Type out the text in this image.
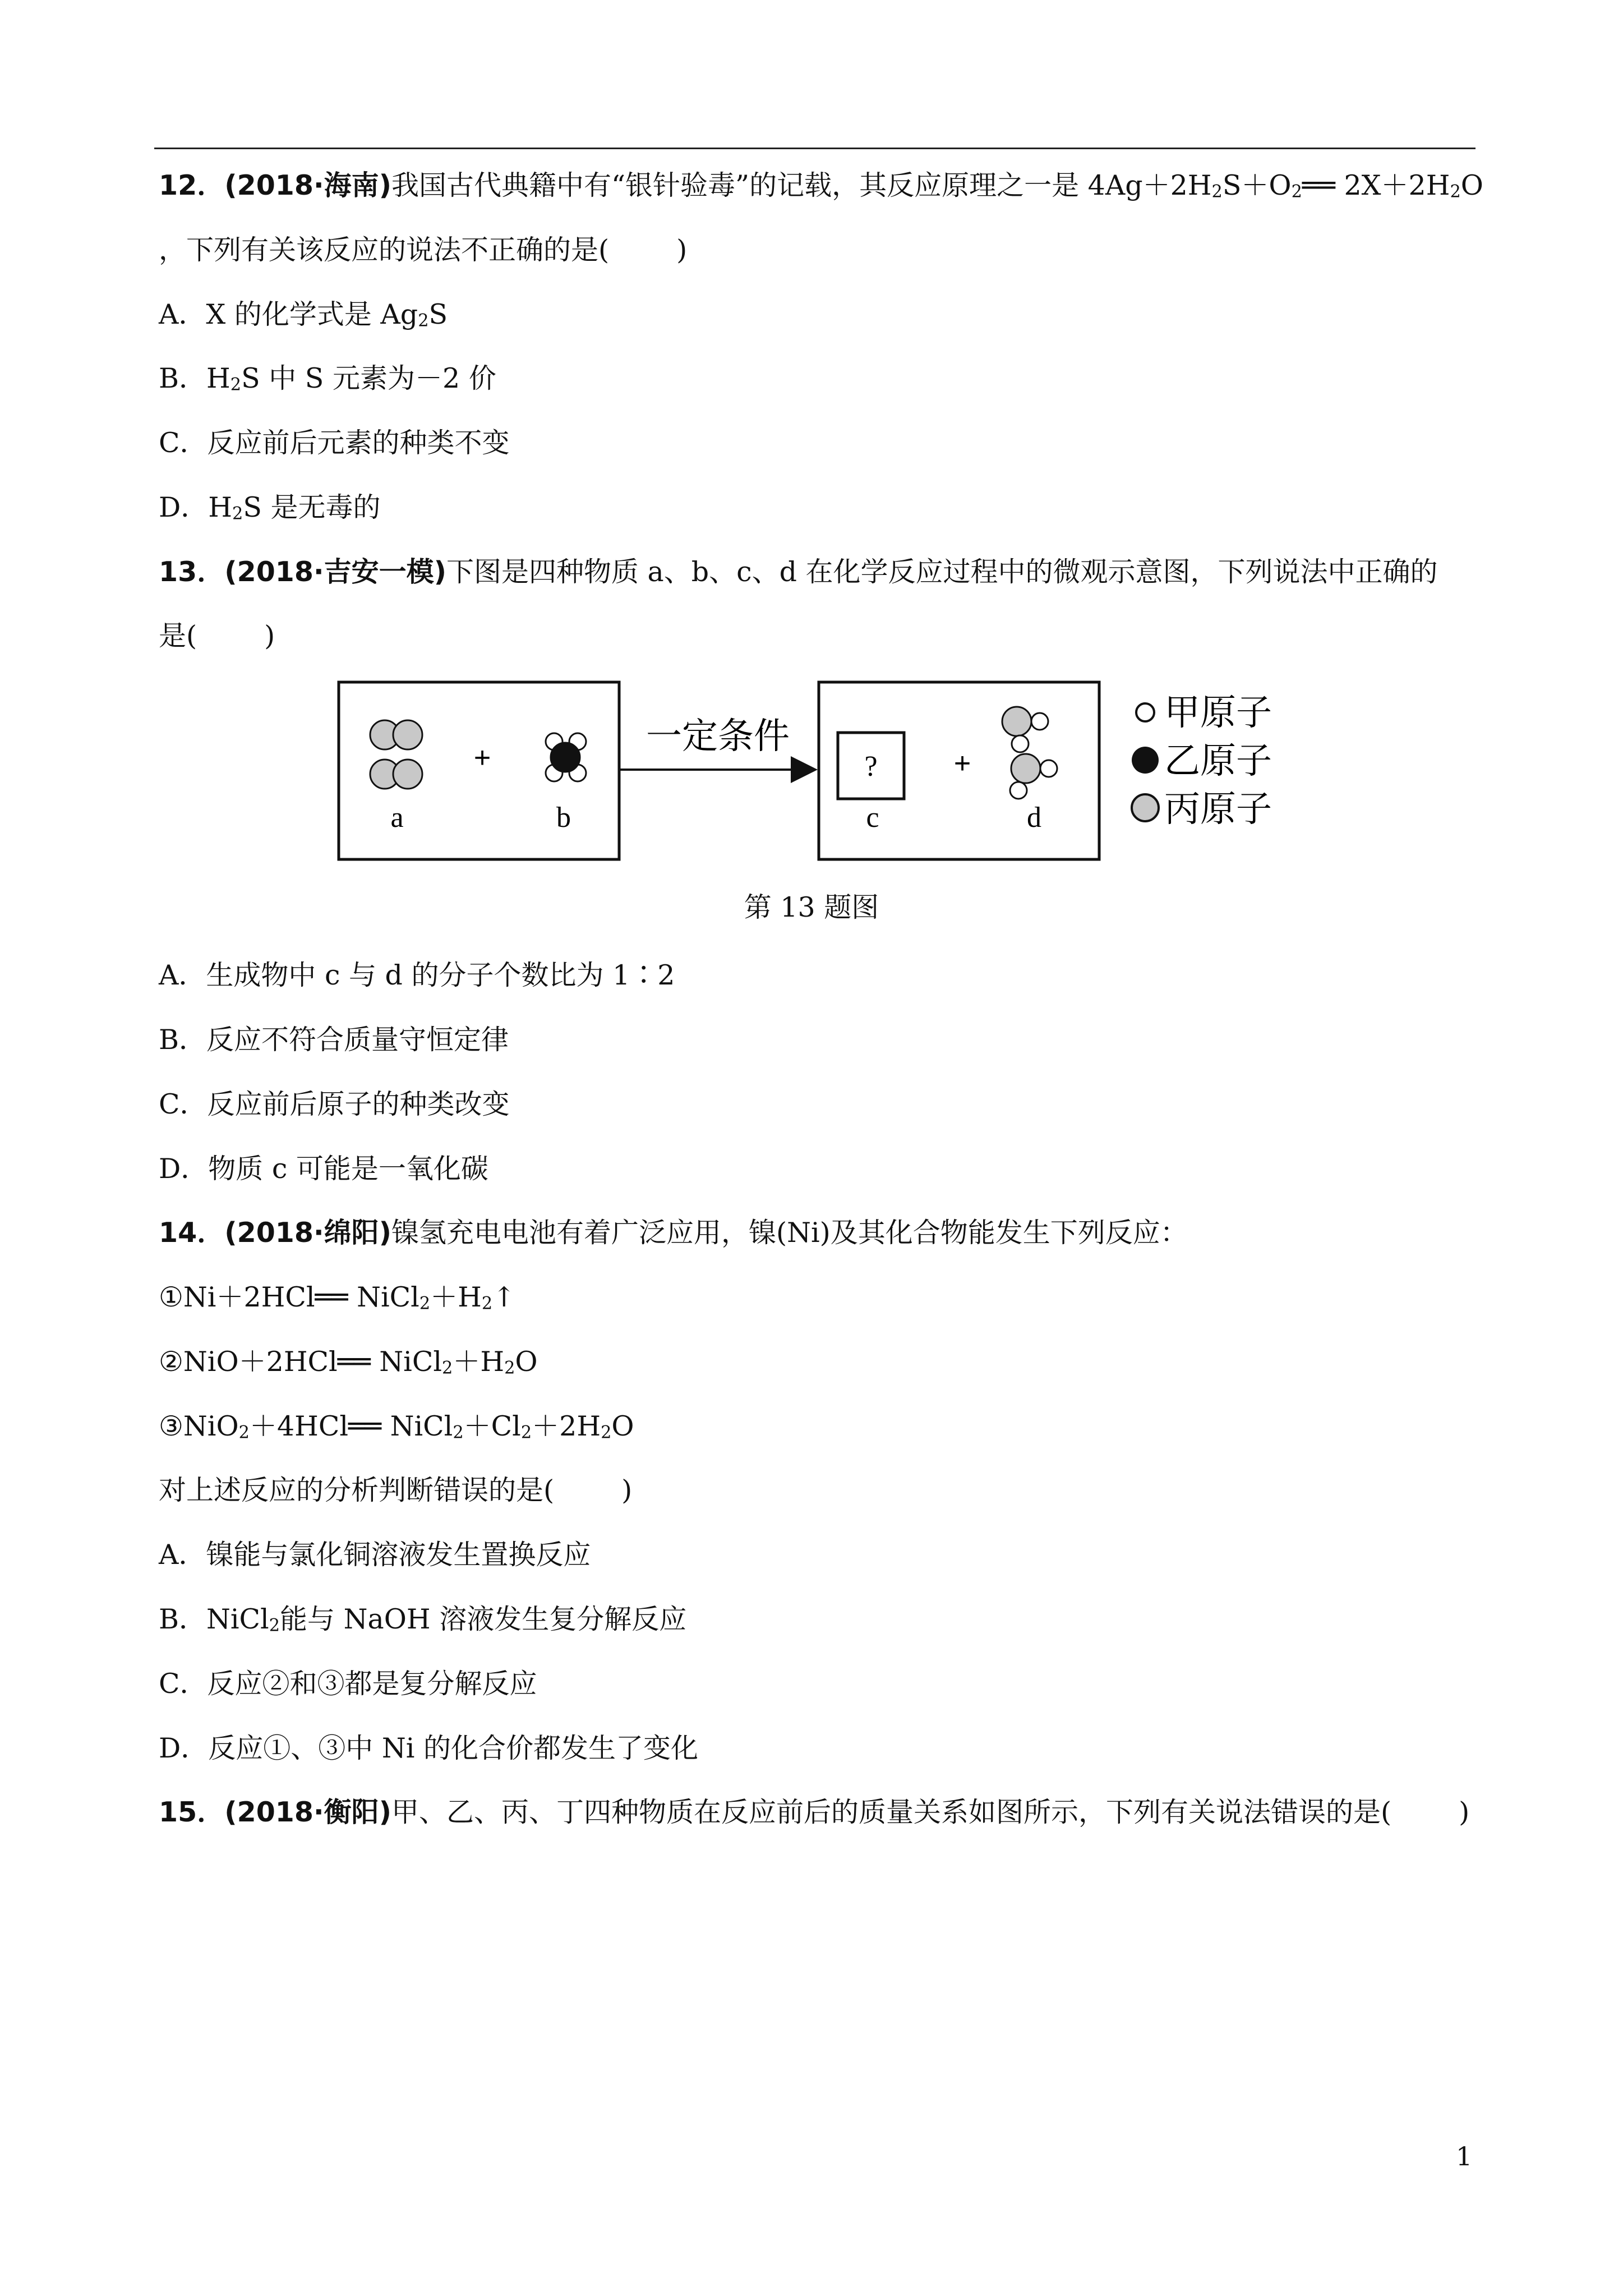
12．(2018·海南)我国古代典籍中有“银针验毒”的记载，其反应原理之一是 $4Ag+2H_2S+O_2══$ $2X+2H_2O$
，下列有关该反应的说法不正确的是( )
A．X 的化学式是 $Ag_2S$
B．$H_2S$ 中 S 元素为－2 价
C．反应前后元素的种类不变
D．$H_2S$ 是无毒的
13．(2018·吉安一模)下图是四种物质 a、b、c、d 在化学反应过程中的微观示意图，下列说法中正确的
是( )
a
+
b
一定条件
?
c
+
d
甲原子
乙原子
丙原子
第 13 题图
A．生成物中 c 与 d 的分子个数比为 1∶2
B．反应不符合质量守恒定律
C．反应前后原子的种类改变
D．物质 c 可能是一氧化碳
14．(2018·绵阳)镍氢充电电池有着广泛应用，镍(Ni)及其化合物能发生下列反应：
①Ni＋2HCl══ $NiCl_2+H_2↑$
②NiO＋2HCl══ $NiCl_2+H_2O$
③NiO$_2$＋4HCl══ $NiCl_2+Cl_2+2H_2O$
对上述反应的分析判断错误的是( )
A．镍能与氯化铜溶液发生置换反应
B．NiCl$_2$能与 NaOH 溶液发生复分解反应
C．反应②和③都是复分解反应
D．反应①、③中 Ni 的化合价都发生了变化
15．(2018·衡阳)甲、乙、丙、丁四种物质在反应前后的质量关系如图所示，下列有关说法错误的是( )
1
